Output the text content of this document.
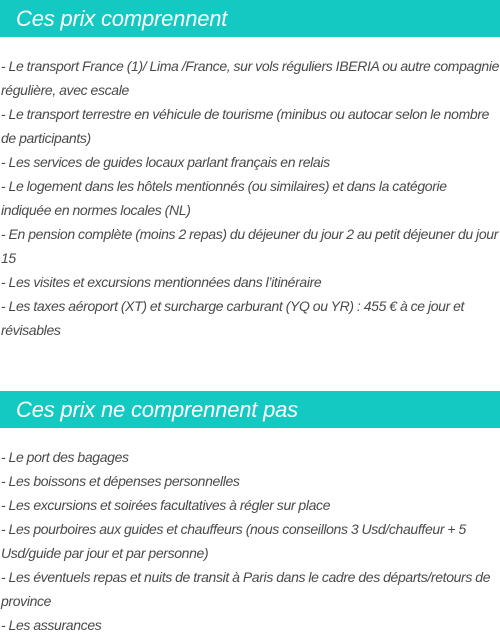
Ces prix comprennent
- Le transport France (1)/ Lima /France, sur vols réguliers IBERIA ou autre compagnie régulière, avec escale
- Le transport terrestre en véhicule de tourisme (minibus ou autocar selon le nombre de participants)
- Les services de guides locaux parlant français en relais
- Le logement dans les hôtels mentionnés (ou similaires) et dans la catégorie indiquée en normes locales (NL)
- En pension complète (moins 2 repas) du déjeuner du jour 2 au petit déjeuner du jour 15
- Les visites et excursions mentionnées dans l’itinéraire
- Les taxes aéroport (XT) et surcharge carburant (YQ ou YR) : 455 € à ce jour et révisables
Ces prix ne comprennent pas
- Le port des bagages
- Les boissons et dépenses personnelles
- Les excursions et soirées facultatives à régler sur place
- Les pourboires aux guides et chauffeurs (nous conseillons 3 Usd/chauffeur + 5 Usd/guide par jour et par personne)
- Les éventuels repas et nuits de transit à Paris dans le cadre des départs/retours de province
- Les assurances
